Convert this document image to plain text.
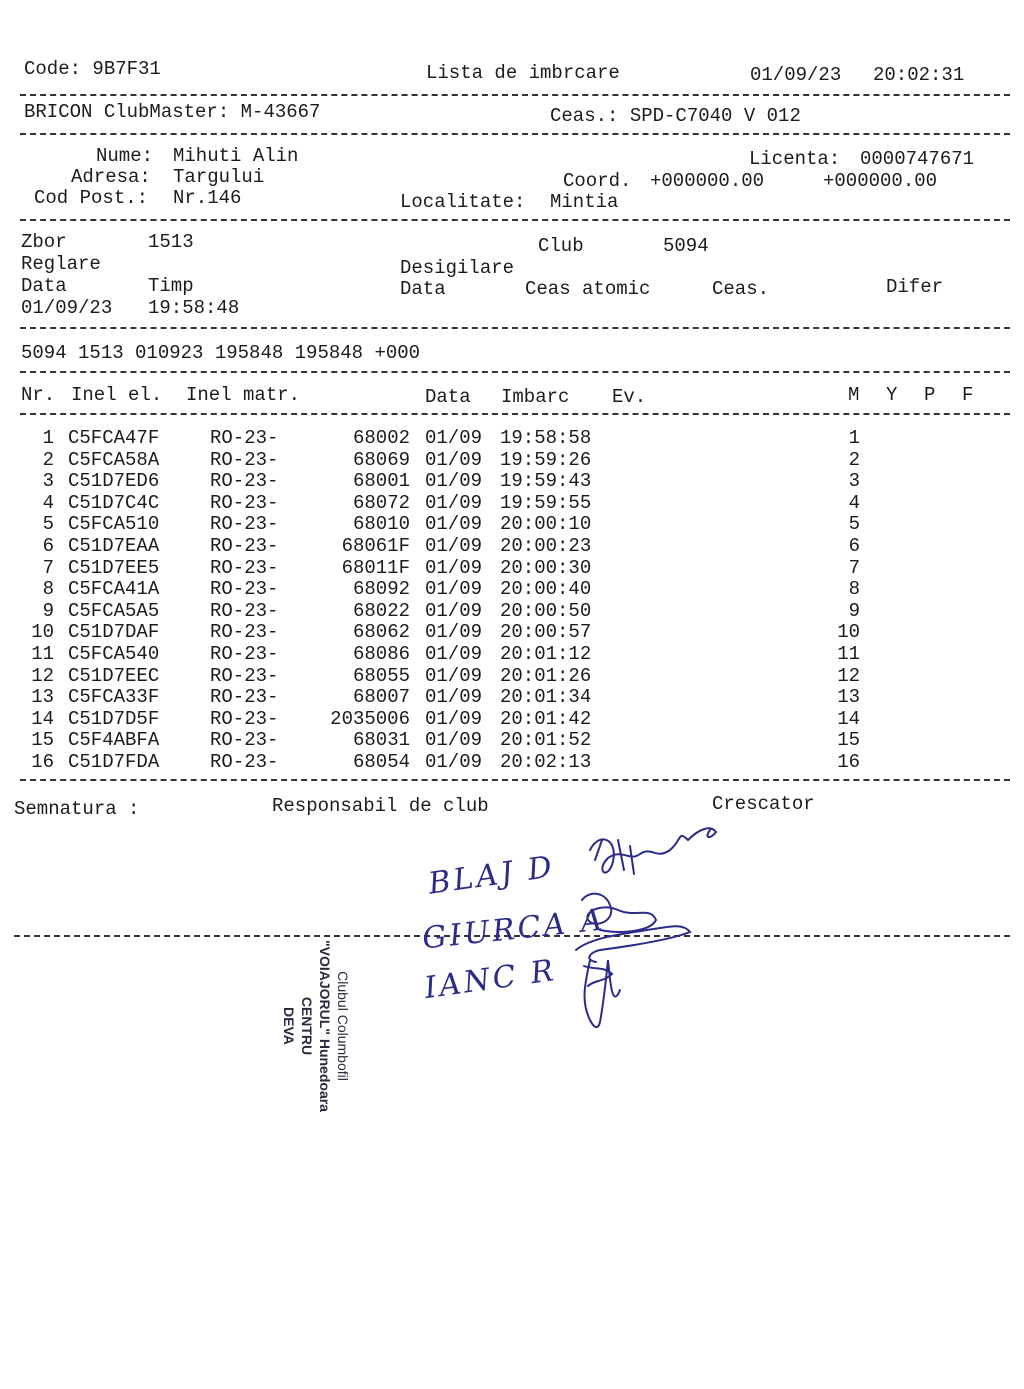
Code: 9B7F31	Lista de imbrcare	01/09/23 20:02:31
BRICON ClubMaster: M-43667	Ceas.: SPD-C7040 V 012
Nume: Mihuti Alin
Adresa: Targului
Cod Post.: Nr.146
Licenta: 0000747671
Coord. +000000.00	+000000.00
Localitate: Mintia
Zbor	1513	Club	5094
Reglare	Desigilare
Data	Timp	Data	Ceas atomic	Ceas.	Difer
01/09/23 19:58:48
5094 1513 010923 195848 195848 +000
Nr. Inel el. Inel matr.	Data Imbarc Ev.	M Y P F
1 C5FCA47F	RO-23-	68002 01/09 19:58:58	1
2 C5FCA58A	RO-23-	68069 01/09 19:59:26	2
3 C51D7ED6	RO-23-	68001 01/09 19:59:43	3
4 C51D7C4C	RO-23-	68072 01/09 19:59:55	4
5 C5FCA510	RO-23-	68010 01/09 20:00:10	5
6 C51D7EAA	RO-23-	68061F 01/09 20:00:23	6
7 C51D7EE5	RO-23-	68011F 01/09 20:00:30	7
8 C5FCA41A	RO-23-	68092 01/09 20:00:40	8
9 C5FCA5A5	RO-23-	68022 01/09 20:00:50	9
10 C51D7DAF	RO-23-	68062 01/09 20:00:57	10
11 C5FCA540	RO-23-	68086 01/09 20:01:12	11
12 C51D7EEC	RO-23-	68055 01/09 20:01:26	12
13 C5FCA33F	RO-23-	68007 01/09 20:01:34	13
14 C51D7D5F	RO-23-	2035006 01/09 20:01:42	14
15 C5F4ABFA	RO-23-	68031 01/09 20:01:52	15
16 C51D7FDA	RO-23-	68054 01/09 20:02:13	16
Semnatura :	Responsabil de club	Crescator
BLAJ D
GIURCA A
IANC R
Clubul Columbofil
"VOIAJORUL" Hunedoara
CENTRU
DEVA
